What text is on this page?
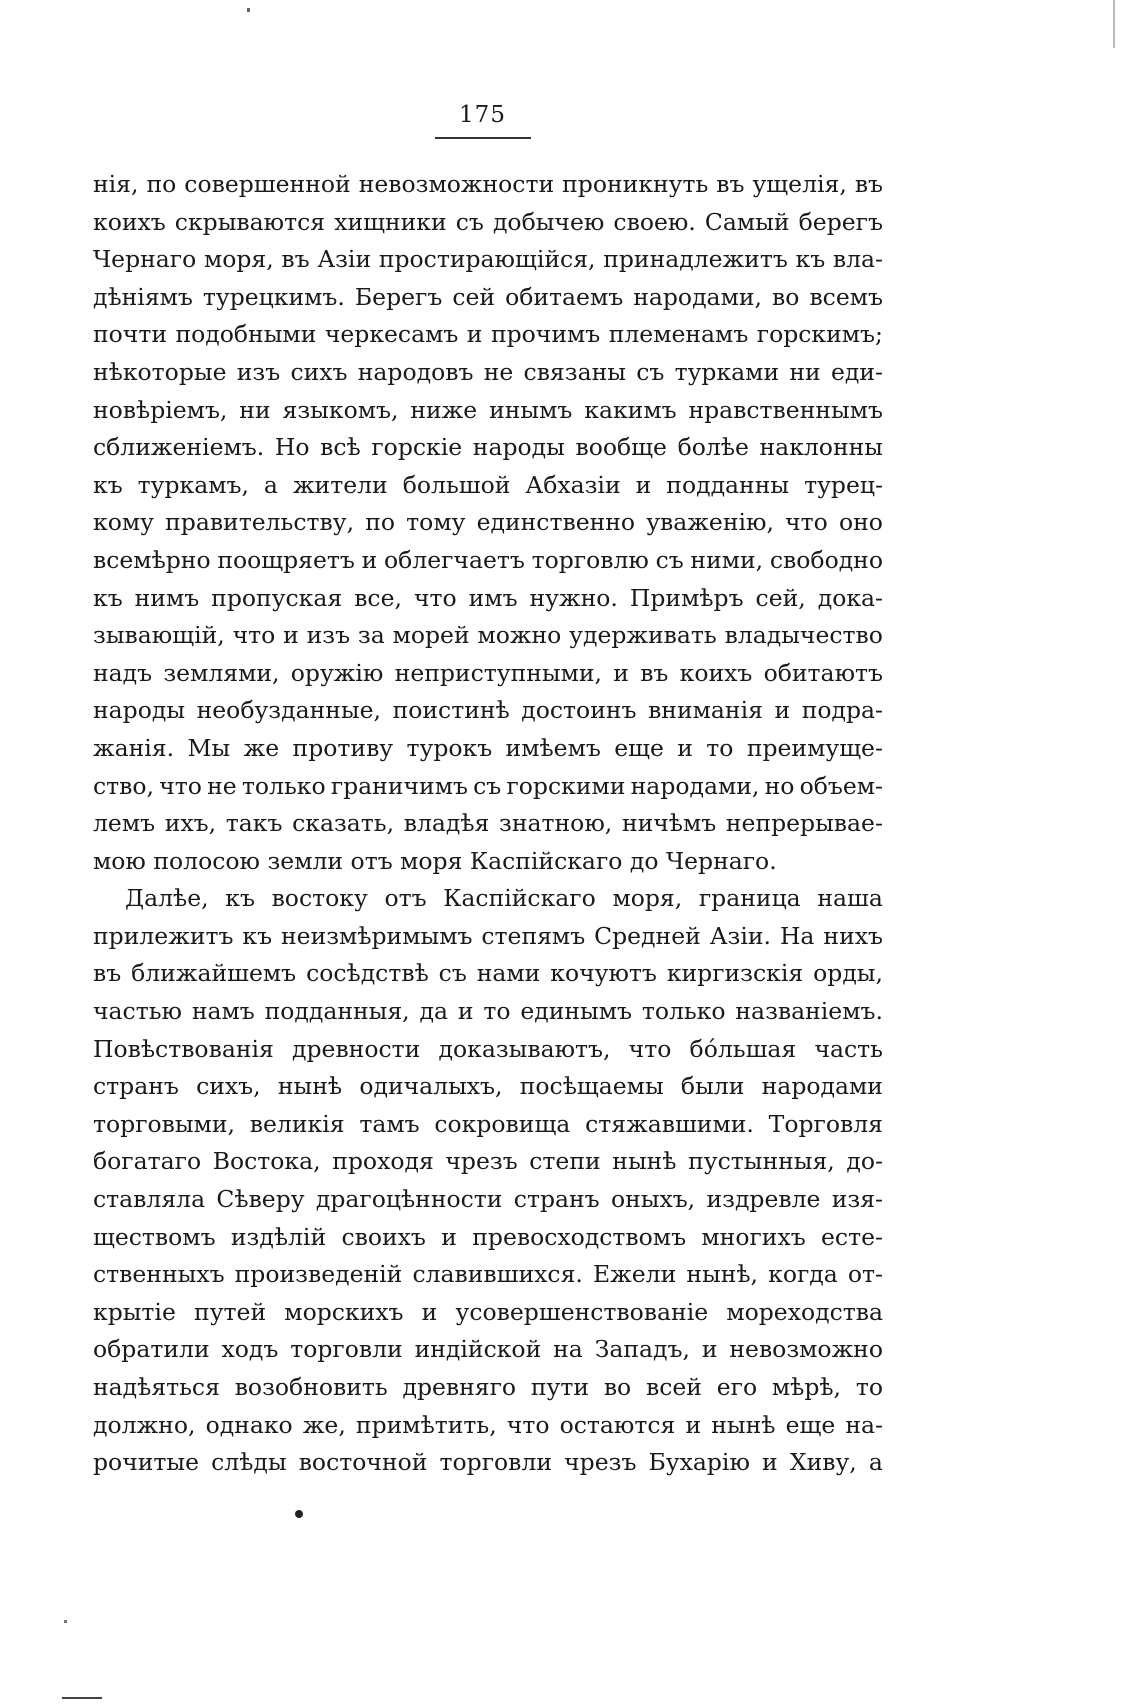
175
нія, по совершенной невозможности проникнуть въ ущелія, въ
коихъ скрываются хищники съ добычею своею. Самый берегъ
Чернаго моря, въ Азіи простирающійся, принадлежитъ къ вла-
дѣніямъ турецкимъ. Берегъ сей обитаемъ народами, во всемъ
почти подобными черкесамъ и прочимъ племенамъ горскимъ;
нѣкоторые изъ сихъ народовъ не связаны съ турками ни еди-
новѣріемъ, ни языкомъ, ниже инымъ какимъ нравственнымъ
сближеніемъ. Но всѣ горскіе народы вообще болѣе наклонны
къ туркамъ, а жители большой Абхазіи и подданны турец-
кому правительству, по тому единственно уваженію, что оно
всемѣрно поощряетъ и облегчаетъ торговлю съ ними, свободно
къ нимъ пропуская все, что имъ нужно. Примѣръ сей, дока-
зывающій, что и изъ за морей можно удерживать владычество
надъ землями, оружію неприступными, и въ коихъ обитаютъ
народы необузданные, поистинѣ достоинъ вниманія и подра-
жанія. Мы же противу турокъ имѣемъ еще и то преимуще-
ство, что не только граничимъ съ горскими народами, но объем-
лемъ ихъ, такъ сказать, владѣя знатною, ничѣмъ непрерывае-
мою полосою земли отъ моря Каспійскаго до Чернаго.
Далѣе, къ востоку отъ Каспійскаго моря, граница наша
прилежитъ къ неизмѣримымъ степямъ Средней Азіи. На нихъ
въ ближайшемъ сосѣдствѣ съ нами кочуютъ киргизскія орды,
частью намъ подданныя, да и то единымъ только названіемъ.
Повѣствованія древности доказываютъ, что бо́льшая часть
странъ сихъ, нынѣ одичалыхъ, посѣщаемы были народами
торговыми, великія тамъ сокровища стяжавшими. Торговля
богатаго Востока, проходя чрезъ степи нынѣ пустынныя, до-
ставляла Сѣверу драгоцѣнности странъ оныхъ, издревле изя-
ществомъ издѣлій своихъ и превосходствомъ многихъ есте-
ственныхъ произведеній славившихся. Ежели нынѣ, когда от-
крытіе путей морскихъ и усовершенствованіе мореходства
обратили ходъ торговли индійской на Западъ, и невозможно
надѣяться возобновить древняго пути во всей его мѣрѣ, то
должно, однако же, примѣтить, что остаются и нынѣ еще на-
рочитые слѣды восточной торговли чрезъ Бухарію и Хиву, а
